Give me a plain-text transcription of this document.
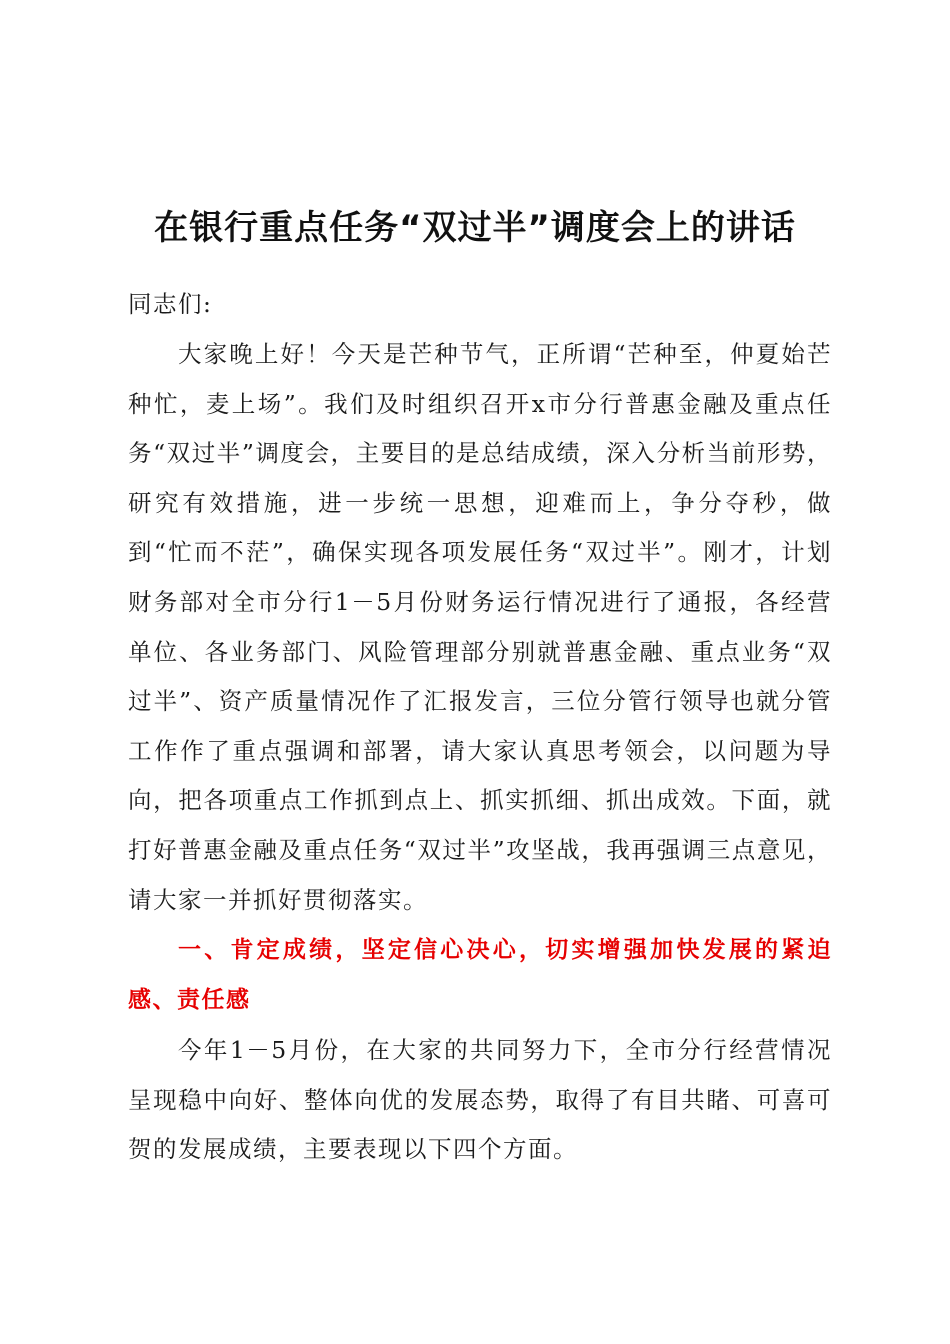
在银行重点任务“双过半”调度会上的讲话

同志们:

大家晚上好！今天是芒种节气，正所谓“芒种至，仲夏始芒种忙，麦上场”。我们及时组织召开x市分行普惠金融及重点任务“双过半”调度会，主要目的是总结成绩，深入分析当前形势，研究有效措施，进一步统一思想，迎难而上，争分夺秒，做到“忙而不茫”，确保实现各项发展任务“双过半”。刚才，计划财务部对全市分行1－5月份财务运行情况进行了通报，各经营单位、各业务部门、风险管理部分别就普惠金融、重点业务“双过半”、资产质量情况作了汇报发言，三位分管行领导也就分管工作作了重点强调和部署，请大家认真思考领会，以问题为导向，把各项重点工作抓到点上、抓实抓细、抓出成效。下面，就打好普惠金融及重点任务“双过半”攻坚战，我再强调三点意见，请大家一并抓好贯彻落实。

一、肯定成绩，坚定信心决心，切实增强加快发展的紧迫感、责任感

今年1－5月份，在大家的共同努力下，全市分行经营情况呈现稳中向好、整体向优的发展态势，取得了有目共睹、可喜可贺的发展成绩，主要表现以下四个方面。
